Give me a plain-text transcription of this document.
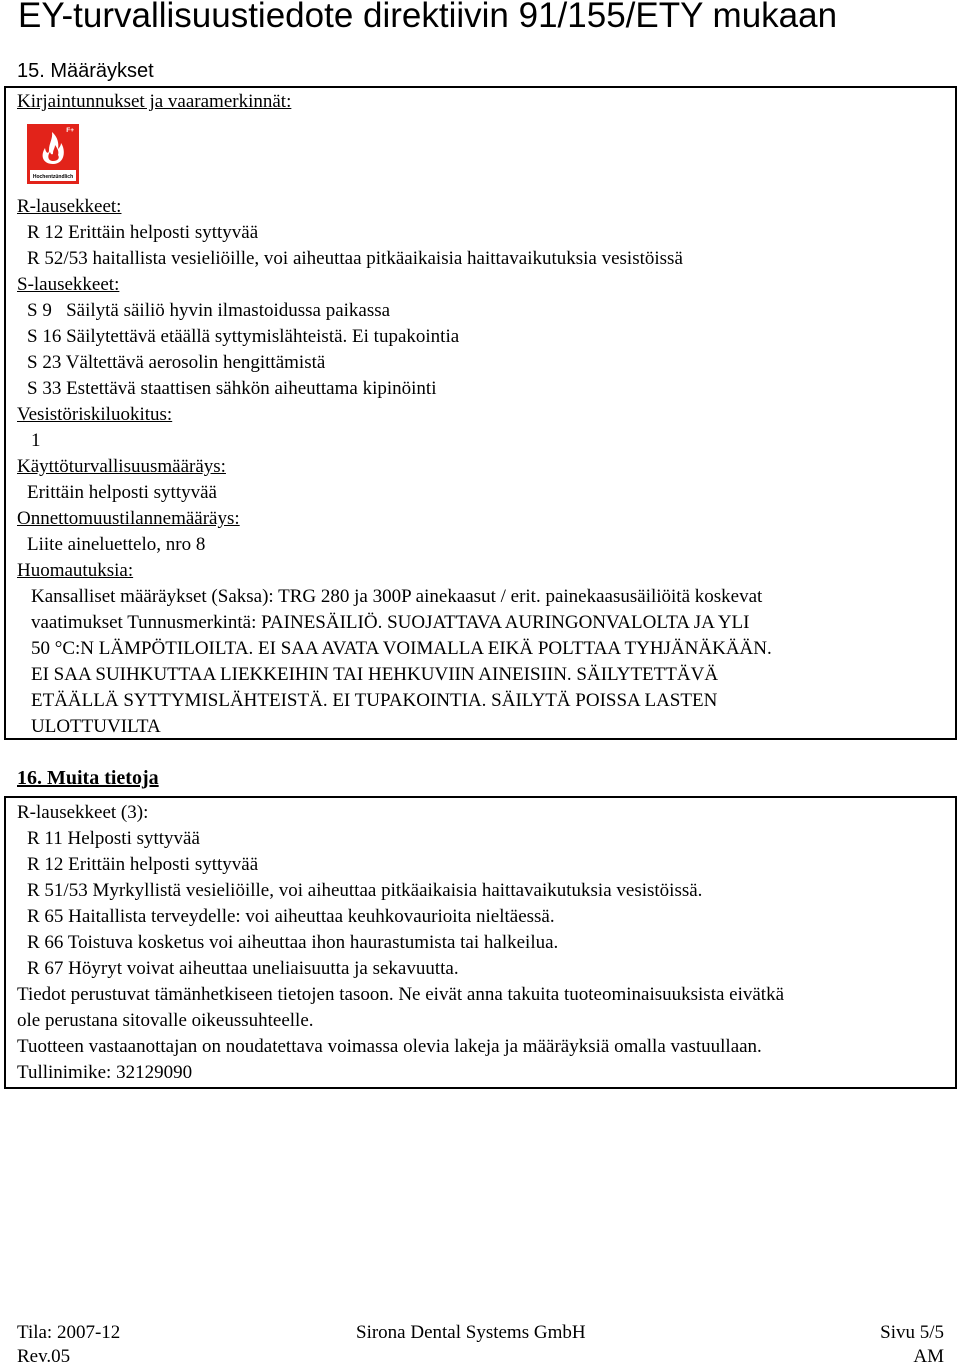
EY-turvallisuustiedote direktiivin 91/155/ETY mukaan
15. Määräykset
Kirjaintunnukset ja vaaramerkinnät:
F+
Hochentzündlich
R-lausekkeet:
R 12 Erittäin helposti syttyvää
R 52/53 haitallista vesieliöille, voi aiheuttaa pitkäaikaisia haittavaikutuksia vesistöissä
S-lausekkeet:
S 9   Säilytä säiliö hyvin ilmastoidussa paikassa
S 16 Säilytettävä etäällä syttymislähteistä. Ei tupakointia
S 23 Vältettävä aerosolin hengittämistä
S 33 Estettävä staattisen sähkön aiheuttama kipinöinti
Vesistöriskiluokitus:
1
Käyttöturvallisuusmääräys:
Erittäin helposti syttyvää
Onnettomuustilannemääräys:
Liite aineluettelo, nro 8
Huomautuksia:
Kansalliset määräykset (Saksa): TRG 280 ja 300P ainekaasut / erit. painekaasusäiliöitä koskevat
vaatimukset Tunnusmerkintä: PAINESÄILIÖ. SUOJATTAVA AURINGONVALOLTA JA YLI
50 °C:N LÄMPÖTILOILTA. EI SAA AVATA VOIMALLA EIKÄ POLTTAA TYHJÄNÄKÄÄN.
EI SAA SUIHKUTTAA LIEKKEIHIN TAI HEHKUVIIN AINEISIIN. SÄILYTETTÄVÄ
ETÄÄLLÄ SYTTYMISLÄHTEISTÄ. EI TUPAKOINTIA. SÄILYTÄ POISSA LASTEN
ULOTTUVILTA
16. Muita tietoja
R-lausekkeet (3):
R 11 Helposti syttyvää
R 12 Erittäin helposti syttyvää
R 51/53 Myrkyllistä vesieliöille, voi aiheuttaa pitkäaikaisia haittavaikutuksia vesistöissä.
R 65 Haitallista terveydelle: voi aiheuttaa keuhkovaurioita nieltäessä.
R 66 Toistuva kosketus voi aiheuttaa ihon haurastumista tai halkeilua.
R 67 Höyryt voivat aiheuttaa uneliaisuutta ja sekavuutta.
Tiedot perustuvat tämänhetkiseen tietojen tasoon. Ne eivät anna takuita tuoteominaisuuksista eivätkä
ole perustana sitovalle oikeussuhteelle.
Tuotteen vastaanottajan on noudatettava voimassa olevia lakeja ja määräyksiä omalla vastuullaan.
Tullinimike: 32129090
Tila: 2007-12
Rev.05
Sirona Dental Systems GmbH	Sivu 5/5
AM
